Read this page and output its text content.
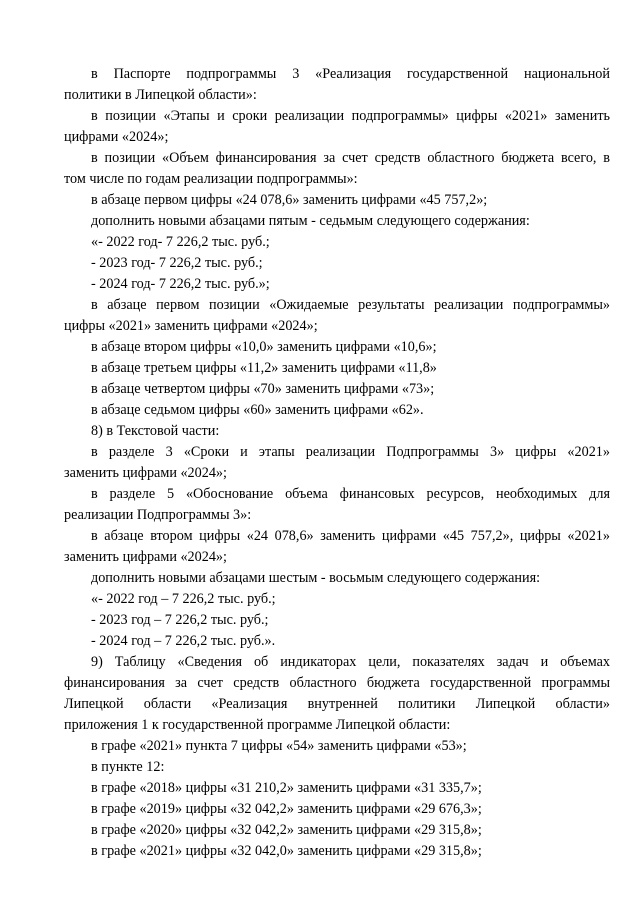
в Паспорте подпрограммы 3 «Реализация государственной национальной
политики в Липецкой области»:
в позиции «Этапы и сроки реализации подпрограммы» цифры «2021» заменить
цифрами «2024»;
в позиции «Объем финансирования за счет средств областного бюджета всего, в
том числе по годам реализации подпрограммы»:
в абзаце первом цифры «24 078,6» заменить цифрами «45 757,2»;
дополнить новыми абзацами пятым - седьмым следующего содержания:
«- 2022 год- 7 226,2 тыс. руб.;
- 2023 год- 7 226,2 тыс. руб.;
- 2024 год- 7 226,2 тыс. руб.»;
в абзаце первом позиции «Ожидаемые результаты реализации подпрограммы»
цифры «2021» заменить цифрами «2024»;
в абзаце втором цифры «10,0» заменить цифрами «10,6»;
в абзаце третьем цифры «11,2» заменить цифрами «11,8»
в абзаце четвертом цифры «70» заменить цифрами «73»;
в абзаце седьмом цифры «60» заменить цифрами «62».
8) в Текстовой части:
в разделе 3 «Сроки и этапы реализации Подпрограммы 3» цифры «2021»
заменить цифрами «2024»;
в разделе 5 «Обоснование объема финансовых ресурсов, необходимых для
реализации Подпрограммы 3»:
в абзаце втором цифры «24 078,6» заменить цифрами «45 757,2», цифры «2021»
заменить цифрами «2024»;
дополнить новыми абзацами шестым - восьмым следующего содержания:
«- 2022 год – 7 226,2 тыс. руб.;
- 2023 год – 7 226,2 тыс. руб.;
- 2024 год – 7 226,2 тыс. руб.».
9) Таблицу «Сведения об индикаторах цели, показателях задач и объемах
финансирования за счет средств областного бюджета государственной программы
Липецкой области «Реализация внутренней политики Липецкой области»
приложения 1 к государственной программе Липецкой области:
в графе «2021» пункта 7 цифры «54» заменить цифрами «53»;
в пункте 12:
в графе «2018» цифры «31 210,2» заменить цифрами «31 335,7»;
в графе «2019» цифры «32 042,2» заменить цифрами «29 676,3»;
в графе «2020» цифры «32 042,2» заменить цифрами «29 315,8»;
в графе «2021» цифры «32 042,0» заменить цифрами «29 315,8»;
